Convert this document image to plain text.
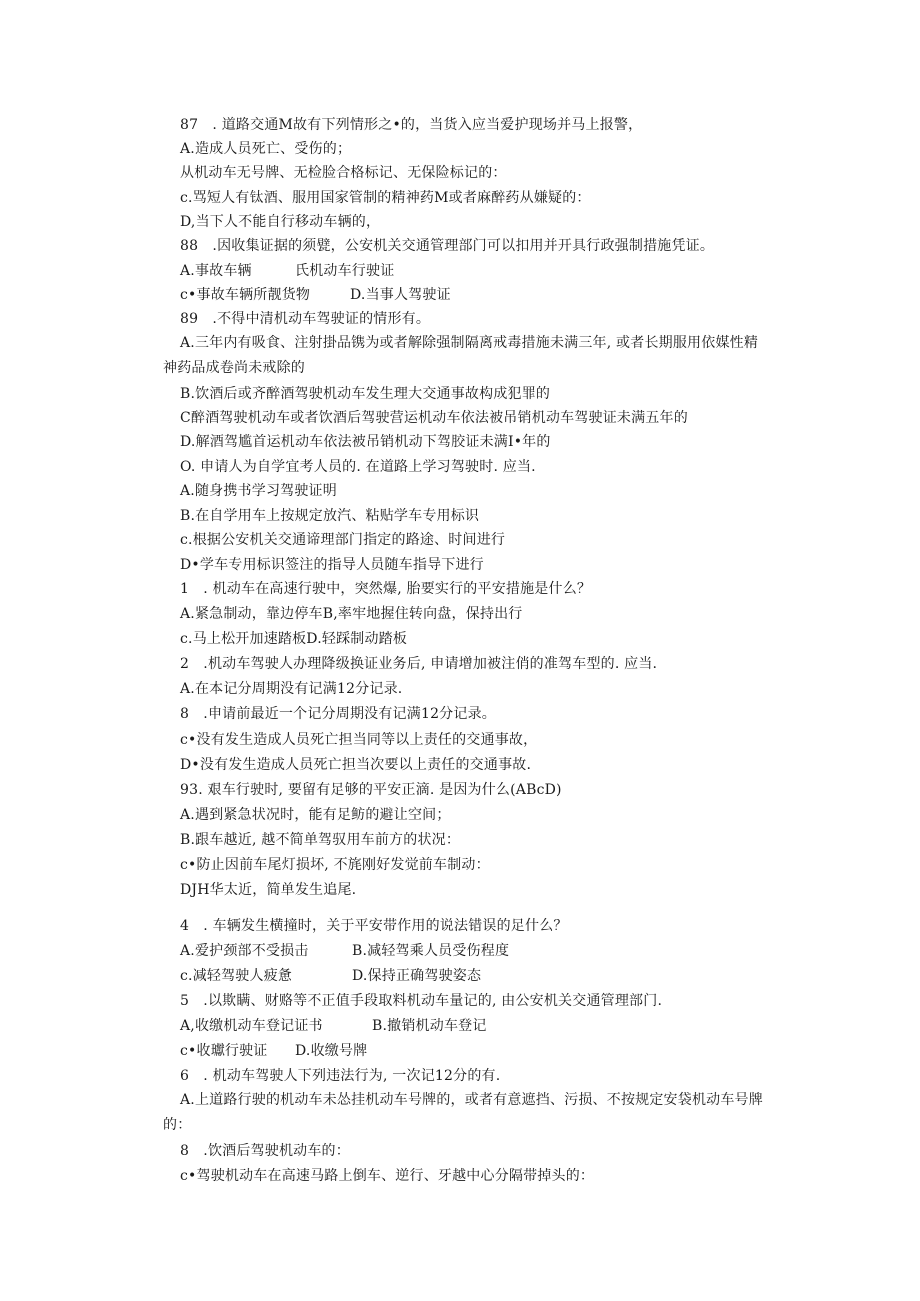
87　. 道路交通M故有下列情形之•的，当货入应当爱护现场并马上报警，
A.造成人员死亡、受伤的；
从机动车无号牌、无检脸合格标记、无保险标记的：
c.骂短人有钛酒、服用国家管制的精神药M或者麻醉药从嫌疑的：
D,当下人不能自行移动车辆的，
88　.因收集证据的须甓，公安机关交通管理部门可以扣用并开具行政强制措施凭证。
A.事故车辆	氏机动车行驶证
c•事故车辆所靓货物	D.当事人驾驶证
89　.不得中清机动车驾驶证的情形有。
A.三年内有吸食、注射掛品镌为或者解除强制隔离戒毒措施未满三年, 或者长期服用依媒性精神药品成卷尚未戒除的
B.饮酒后或齐醉酒驾驶机动车发生理大交通事故构成犯罪的
C醉酒驾驶机动车或者饮酒后驾驶营运机动车依法被吊销机动车驾驶证未满五年的
D.解酒驾尴首运机动车依法被吊销机动下驾胶证未满I•年的
O. 申请人为自学宜考人员的. 在道路上学习驾驶时. 应当.
A.随身携书学习驾驶证明
B.在自学用车上按规定放汽、粘贴学车专用标识
c.根据公安机关交通谛理部门指定的路途、时间进行
D•学车专用标识签注的指导人员随车指导下进行
1　. 机动车在高速行驶中，突然爆, 胎要实行的平安措施是什么？
A.紧急制动，靠边停车B,率牢地握住转向盘，保持出行
c.马上松开加速踏板D.轻踩制动踏板
2　.机动车驾驶人办理降级换证业务后, 申请增加被注俏的准驾车型的. 应当.
A.在本记分周期没有记满12分记录.
8　.申请前最近一个记分周期没有记满12分记录。
c•没有发生造成人员死亡担当同等以上责任的交通事故，
D•没有发生造成人员死亡担当次要以上责任的交通事故.
93. 艰车行驶时, 要留有足够的平安正滴. 是因为什么(ABcD)
A.遇到紧急状况时，能有足鲂的避让空间；
B.跟车越近, 越不简单驾驭用车前方的状况：
c•防止因前车尾灯损坏, 不旄刚好发觉前车制动：
DJH华太近，简单发生追尾.
4　. 车辆发生横撞时，关于平安带作用的说法错误的足什么？
A.爱护颈部不受损击	B.减轻驾乘人员受伤程度
c.减轻驾驶人疲惫	D.保持正确驾驶姿态
5　.以欺瞒、财赂等不正值手段取料机动车量记的, 由公安机关交通管理部门.
A,收缴机动车登记证书	B.撤销机动车登记
c•收瓛行驶证 D.收缴号牌
6　. 机动车驾驶人下列违法行为, 一次记12分的有.
A.上道路行驶的机动车未怂挂机动车号牌的，或者有意遮挡、污损、不按规定安袋机动车号牌的：
8　.饮酒后驾驶机动车的：
c•驾驶机动车在高速马路上倒车、逆行、牙越中心分隔带掉头的：
